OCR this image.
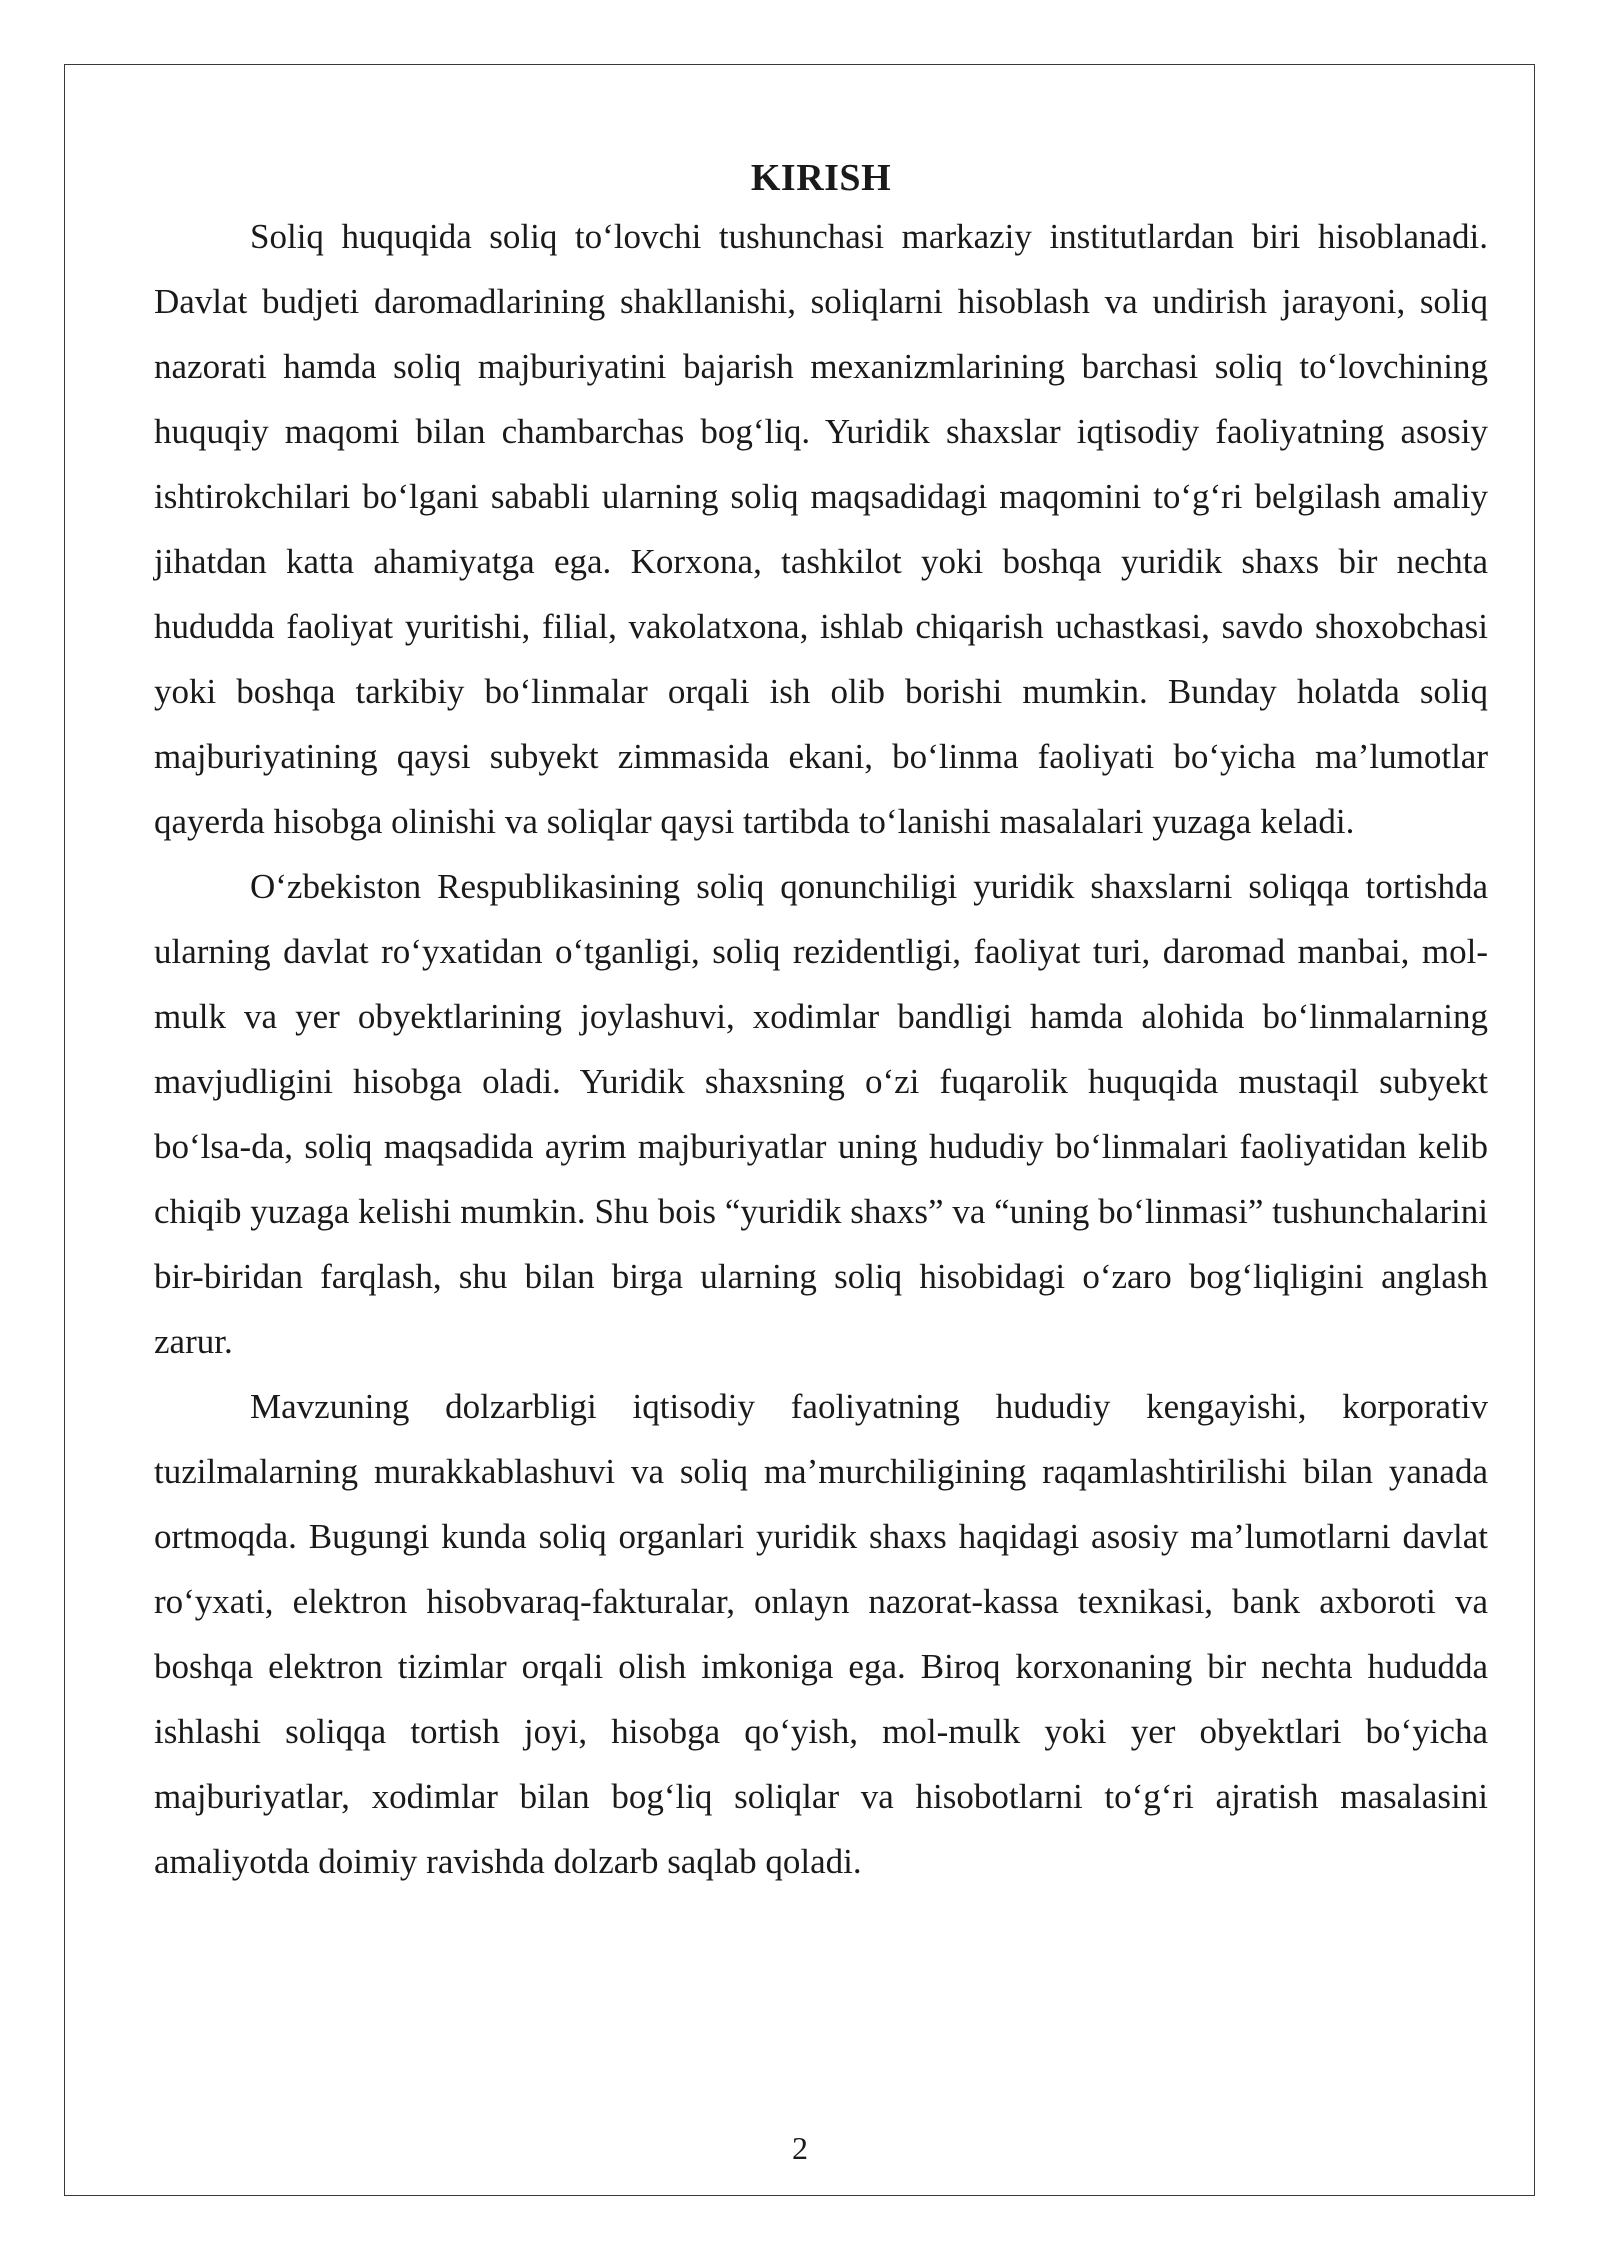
KIRISH

Soliq huquqida soliq to‘lovchi tushunchasi markaziy institutlardan biri hisoblanadi. Davlat budjeti daromadlarining shakllanishi, soliqlarni hisoblash va undirish jarayoni, soliq nazorati hamda soliq majburiyatini bajarish mexanizmlarining barchasi soliq to‘lovchining huquqiy maqomi bilan chambarchas bog‘liq. Yuridik shaxslar iqtisodiy faoliyatning asosiy ishtirokchilari bo‘lgani sababli ularning soliq maqsadidagi maqomini to‘g‘ri belgilash amaliy jihatdan katta ahamiyatga ega. Korxona, tashkilot yoki boshqa yuridik shaxs bir nechta hududda faoliyat yuritishi, filial, vakolatxona, ishlab chiqarish uchastkasi, savdo shoxobchasi yoki boshqa tarkibiy bo‘linmalar orqali ish olib borishi mumkin. Bunday holatda soliq majburiyatining qaysi subyekt zimmasida ekani, bo‘linma faoliyati bo‘yicha ma’lumotlar qayerda hisobga olinishi va soliqlar qaysi tartibda to‘lanishi masalalari yuzaga keladi.

O‘zbekiston Respublikasining soliq qonunchiligi yuridik shaxslarni soliqqa tortishda ularning davlat ro‘yxatidan o‘tganligi, soliq rezidentligi, faoliyat turi, daromad manbai, mol-mulk va yer obyektlarining joylashuvi, xodimlar bandligi hamda alohida bo‘linmalarning mavjudligini hisobga oladi. Yuridik shaxsning o‘zi fuqarolik huquqida mustaqil subyekt bo‘lsa-da, soliq maqsadida ayrim majburiyatlar uning hududiy bo‘linmalari faoliyatidan kelib chiqib yuzaga kelishi mumkin. Shu bois “yuridik shaxs” va “uning bo‘linmasi” tushunchalarini bir-biridan farqlash, shu bilan birga ularning soliq hisobidagi o‘zaro bog‘liqligini anglash zarur.

Mavzuning dolzarbligi iqtisodiy faoliyatning hududiy kengayishi, korporativ tuzilmalarning murakkablashuvi va soliq ma’murchiligining raqamlashtirilishi bilan yanada ortmoqda. Bugungi kunda soliq organlari yuridik shaxs haqidagi asosiy ma’lumotlarni davlat ro‘yxati, elektron hisobvaraq-fakturalar, onlayn nazorat-kassa texnikasi, bank axboroti va boshqa elektron tizimlar orqali olish imkoniga ega. Biroq korxonaning bir nechta hududda ishlashi soliqqa tortish joyi, hisobga qo‘yish, mol-mulk yoki yer obyektlari bo‘yicha majburiyatlar, xodimlar bilan bog‘liq soliqlar va hisobotlarni to‘g‘ri ajratish masalasini amaliyotda doimiy ravishda dolzarb saqlab qoladi.

2
